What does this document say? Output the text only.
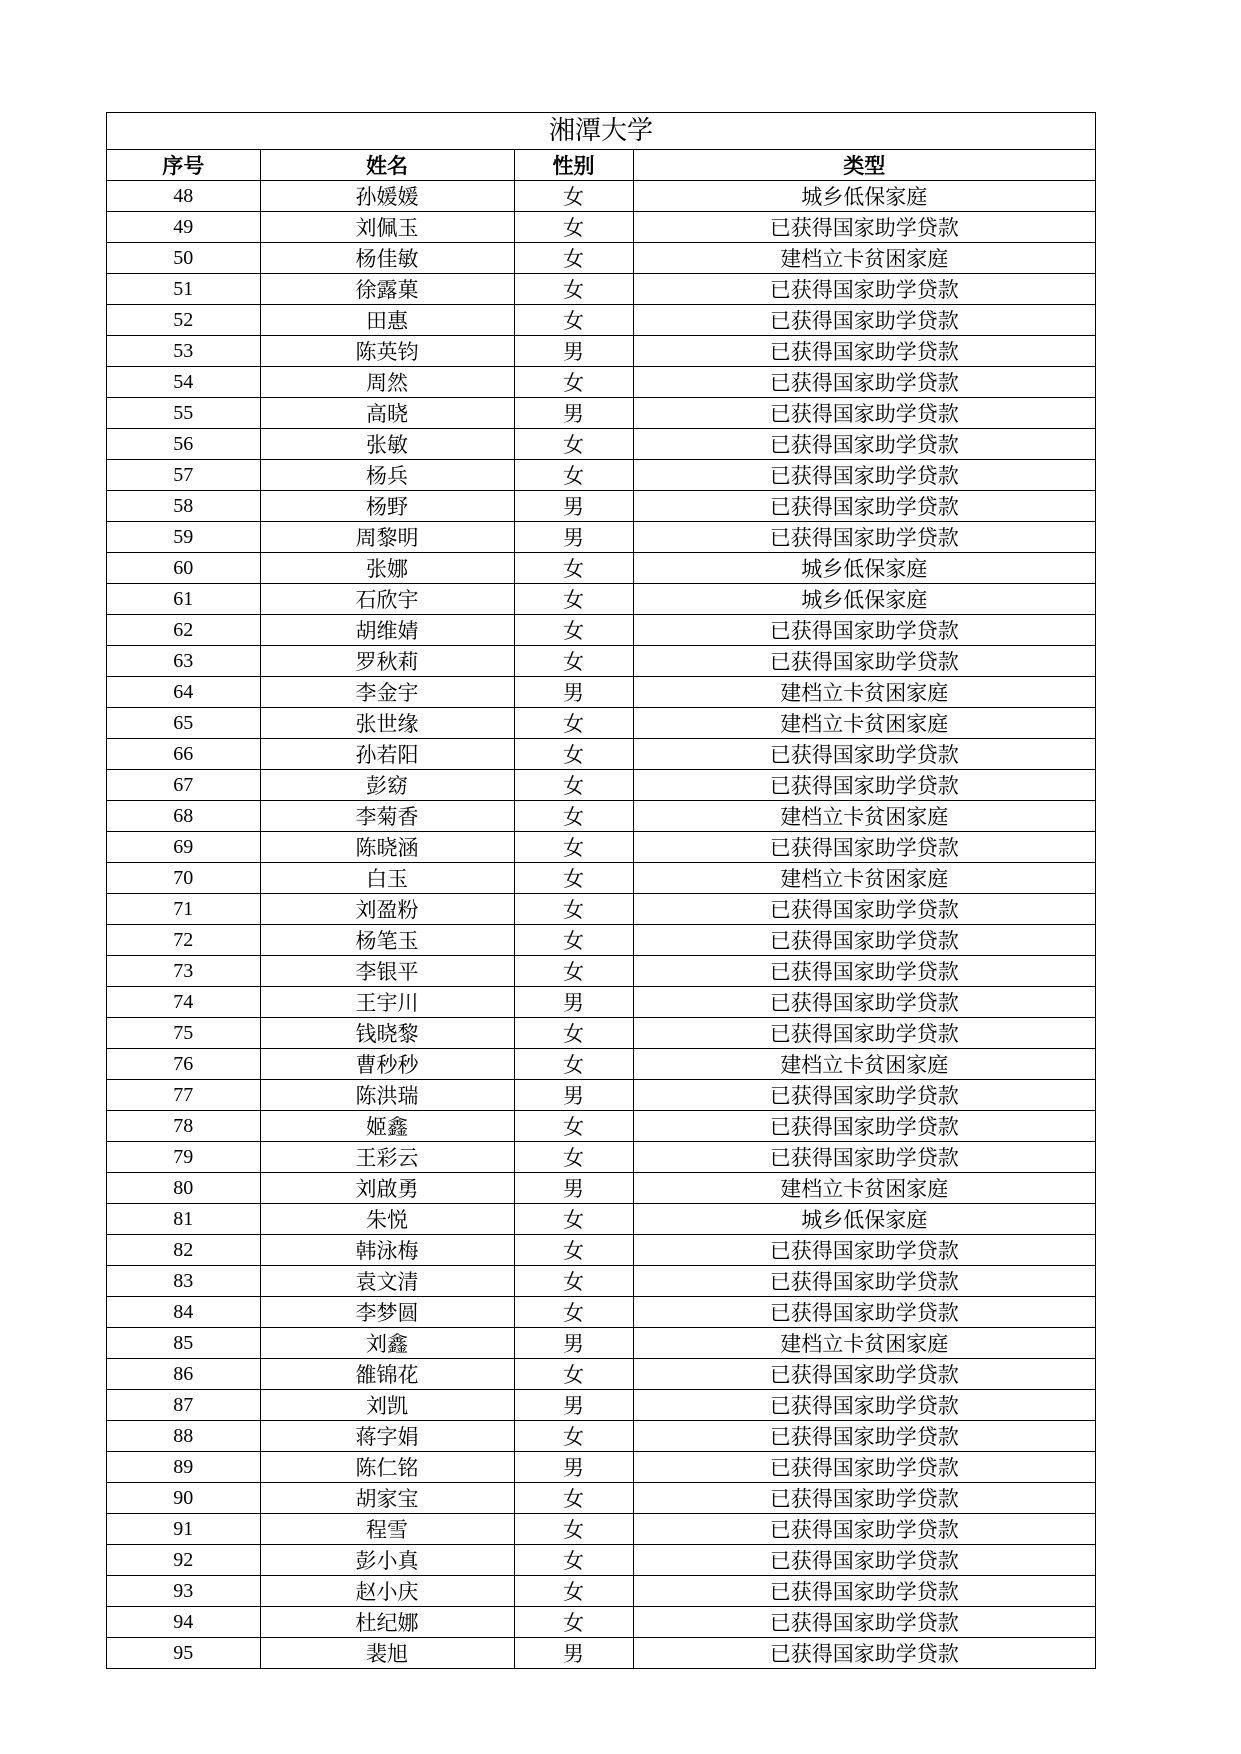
湘潭大学
序号	姓名	性别	类型
48	孙媛媛	女	城乡低保家庭
49	刘佩玉	女	已获得国家助学贷款
50	杨佳敏	女	建档立卡贫困家庭
51	徐露菓	女	已获得国家助学贷款
52	田惠	女	已获得国家助学贷款
53	陈英钧	男	已获得国家助学贷款
54	周然	女	已获得国家助学贷款
55	高晓	男	已获得国家助学贷款
56	张敏	女	已获得国家助学贷款
57	杨兵	女	已获得国家助学贷款
58	杨野	男	已获得国家助学贷款
59	周黎明	男	已获得国家助学贷款
60	张娜	女	城乡低保家庭
61	石欣宇	女	城乡低保家庭
62	胡维婧	女	已获得国家助学贷款
63	罗秋莉	女	已获得国家助学贷款
64	李金宇	男	建档立卡贫困家庭
65	张世缘	女	建档立卡贫困家庭
66	孙若阳	女	已获得国家助学贷款
67	彭窈	女	已获得国家助学贷款
68	李菊香	女	建档立卡贫困家庭
69	陈晓涵	女	已获得国家助学贷款
70	白玉	女	建档立卡贫困家庭
71	刘盈粉	女	已获得国家助学贷款
72	杨笔玉	女	已获得国家助学贷款
73	李银平	女	已获得国家助学贷款
74	王宇川	男	已获得国家助学贷款
75	钱晓黎	女	已获得国家助学贷款
76	曹秒秒	女	建档立卡贫困家庭
77	陈洪瑞	男	已获得国家助学贷款
78	姬鑫	女	已获得国家助学贷款
79	王彩云	女	已获得国家助学贷款
80	刘啟勇	男	建档立卡贫困家庭
81	朱悦	女	城乡低保家庭
82	韩泳梅	女	已获得国家助学贷款
83	袁文清	女	已获得国家助学贷款
84	李梦圆	女	已获得国家助学贷款
85	刘鑫	男	建档立卡贫困家庭
86	雒锦花	女	已获得国家助学贷款
87	刘凯	男	已获得国家助学贷款
88	蒋字娟	女	已获得国家助学贷款
89	陈仁铭	男	已获得国家助学贷款
90	胡家宝	女	已获得国家助学贷款
91	程雪	女	已获得国家助学贷款
92	彭小真	女	已获得国家助学贷款
93	赵小庆	女	已获得国家助学贷款
94	杜纪娜	女	已获得国家助学贷款
95	裴旭	男	已获得国家助学贷款
